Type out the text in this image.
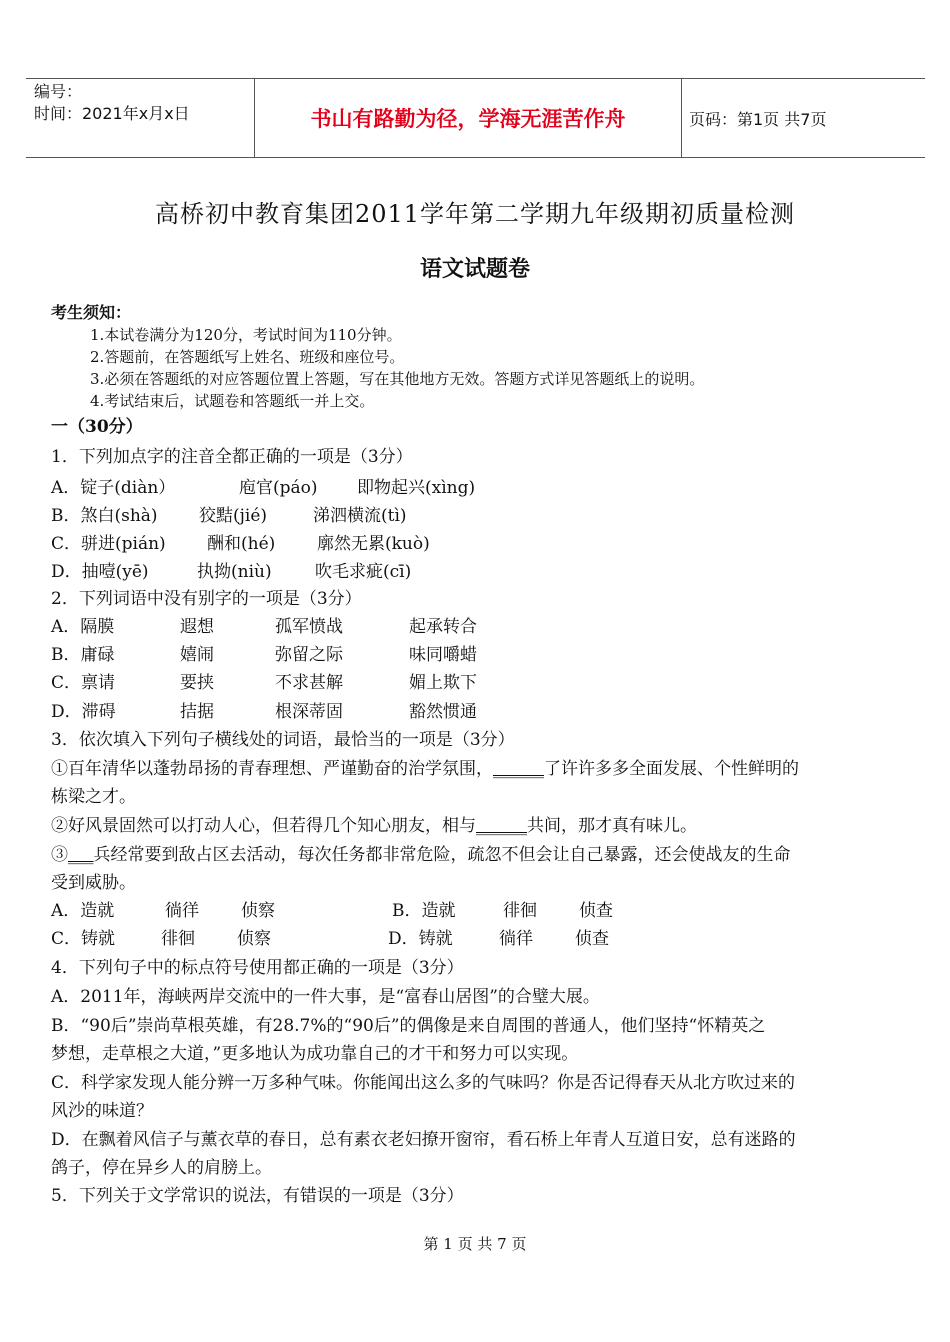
编号：
时间：2021年x月x日	书山有路勤为径，学海无涯苦作舟	页码：第1页 共7页
高桥初中教育集团2011学年第二学期九年级期初质量检测
语文试题卷
考生须知：
1.本试卷满分为120分，考试时间为110分钟。
2.答题前，在答题纸写上姓名、班级和座位号。
3.必须在答题纸的对应答题位置上答题，写在其他地方无效。答题方式详见答题纸上的说明。
4.考试结束后，试题卷和答题纸一并上交。
一（30分）
1．下列加点字的注音全都正确的一项是（3分）
A．锭子(diàn）	庖官(páo) 即物起兴(xìng)
B．煞白(shà) 狡黠(jié)	涕泗横流(tì)
C．骈进(pián) 酬和(hé) 廓然无累(kuò)
D．抽噎(yē)	执拗(niù)	吹毛求疵(cī)
2．下列词语中没有别字的一项是（3分）
A．隔膜	遐想	孤军愤战	起承转合
B．庸碌	嬉闹	弥留之际	味同嚼蜡
C．禀请	要挟	不求甚解	媚上欺下
D．滞碍	拮据	根深蒂固	豁然惯通
3．依次填入下列句子横线处的词语，最恰当的一项是（3分）
①百年清华以蓬勃昂扬的青春理想、严谨勤奋的治学氛围，______了许许多多全面发展、个性鲜明的
栋梁之才。
②好风景固然可以打动人心，但若得几个知心朋友，相与______共间，那才真有味儿。
③___兵经常要到敌占区去活动，每次任务都非常危险，疏忽不但会让自己暴露，还会使战友的生命
受到威胁。
A．造就	徜徉 侦察	B．造就	徘徊 侦查
C．铸就	徘徊 侦察	D．铸就	徜徉 侦查
4．下列句子中的标点符号使用都正确的一项是（3分）
A．2011年，海峡两岸交流中的一件大事，是“富春山居图”的合璧大展。
B．“90后”崇尚草根英雄，有28.7%的“90后”的偶像是来自周围的普通人，他们坚持“怀精英之
梦想，走草根之大道，”更多地认为成功靠自己的才干和努力可以实现。
C．科学家发现人能分辨一万多种气味。你能闻出这么多的气味吗？你是否记得春天从北方吹过来的
风沙的味道？
D．在飘着风信子与薰衣草的春日，总有素衣老妇撩开窗帘，看石桥上年青人互道日安，总有迷路的
鸽子，停在异乡人的肩膀上。
5．下列关于文学常识的说法，有错误的一项是（3分）
第 1 页 共 7 页
